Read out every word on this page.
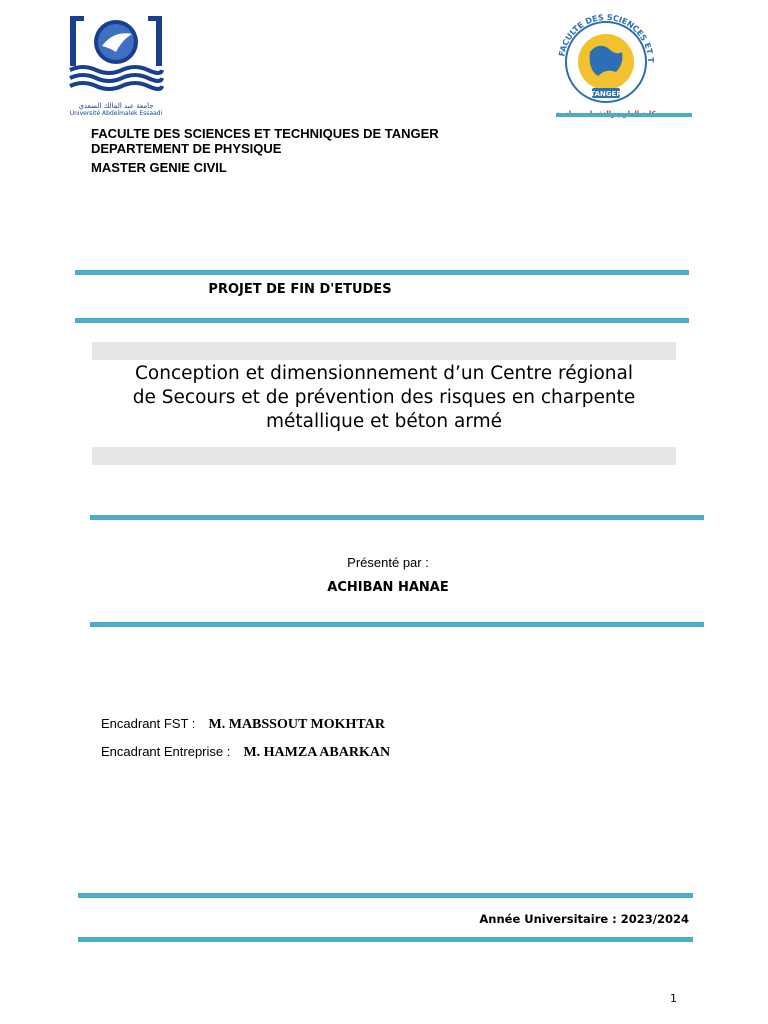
جامعة عبد المالك السعدي
Université Abdelmalek Essaadi
FACULTE DES SCIENCES ET T
TANGER
FACULTE DES SCIENCES ET TECHNIQUES DE TANGER
DEPARTEMENT DE PHYSIQUE
MASTER GENIE CIVIL
PROJET DE FIN D'ETUDES
Conception et dimensionnement d’un Centre régional
de Secours et de prévention des risques en charpente
métallique et béton armé
Présenté par :
ACHIBAN HANAE
Encadrant FST : M. MABSSOUT MOKHTAR
Encadrant Entreprise : M. HAMZA ABARKAN
Année Universitaire : 2023/2024
1
